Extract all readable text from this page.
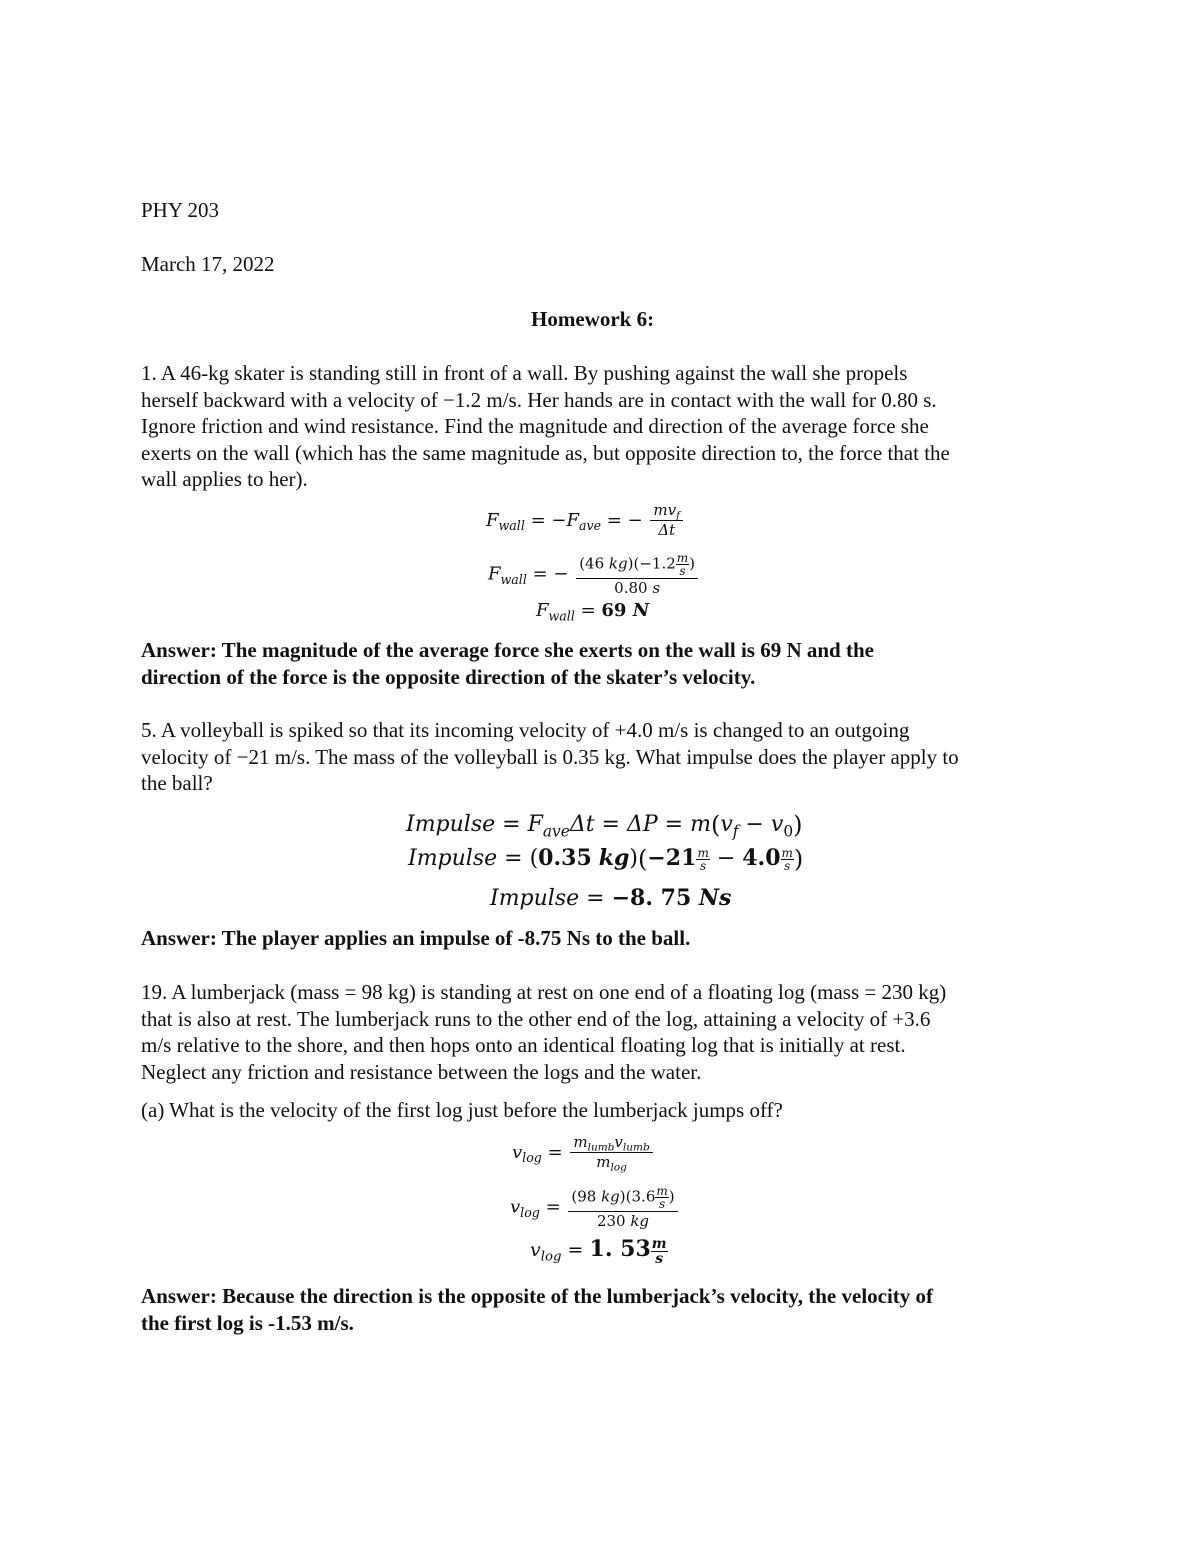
PHY 203
March 17, 2022
Homework 6:
1. A 46-kg skater is standing still in front of a wall. By pushing against the wall she propels
herself backward with a velocity of −1.2 m/s. Her hands are in contact with the wall for 0.80 s.
Ignore friction and wind resistance. Find the magnitude and direction of the average force she
exerts on the wall (which has the same magnitude as, but opposite direction to, the force that the
wall applies to her).
$F_{wall} = -F_{ave}$ = − $\frac{mv_f}{\Delta t}$
$F_{wall}$ = − $\frac{(46 kg)(-1.2 \frac{m}{s} )}{0.80 s}$
$F_{wall} = 69$ N
Answer: The magnitude of the average force she exerts on the wall is 69 N and the
direction of the force is the opposite direction of the skater’s velocity.
5. A volleyball is spiked so that its incoming velocity of +4.0 m/s is changed to an outgoing
velocity of −21 m/s. The mass of the volleyball is 0.35 kg. What impulse does the player apply to
the ball?
Impulse = $F_{ave}\Delta t = \Delta P = m(v_f - v_0)$
Impulse = (0.35 $kg)(-21 \frac{m}{s} - 4.0 \frac{m}{s}$ )
Impulse = −8. 75 Ns
Answer: The player applies an impulse of -8.75 Ns to the ball.
19. A lumberjack (mass = 98 kg) is standing at rest on one end of a floating log (mass = 230 kg)
that is also at rest. The lumberjack runs to the other end of the log, attaining a velocity of +3.6
m/s relative to the shore, and then hops onto an identical floating log that is initially at rest.
Neglect any friction and resistance between the logs and the water.
(a) What is the velocity of the first log just before the lumberjack jumps off?
$v_{log} = \frac{m_{lumb}v_{lumb}}{m_{log}}$
$v_{log} = \frac{(98 kg)(3.6 \frac{m}{s} )}{230 kg}$
$v_{log} = 1$. $53 \frac{m}{s}$
Answer: Because the direction is the opposite of the lumberjack’s velocity, the velocity of
the first log is -1.53 m/s.
